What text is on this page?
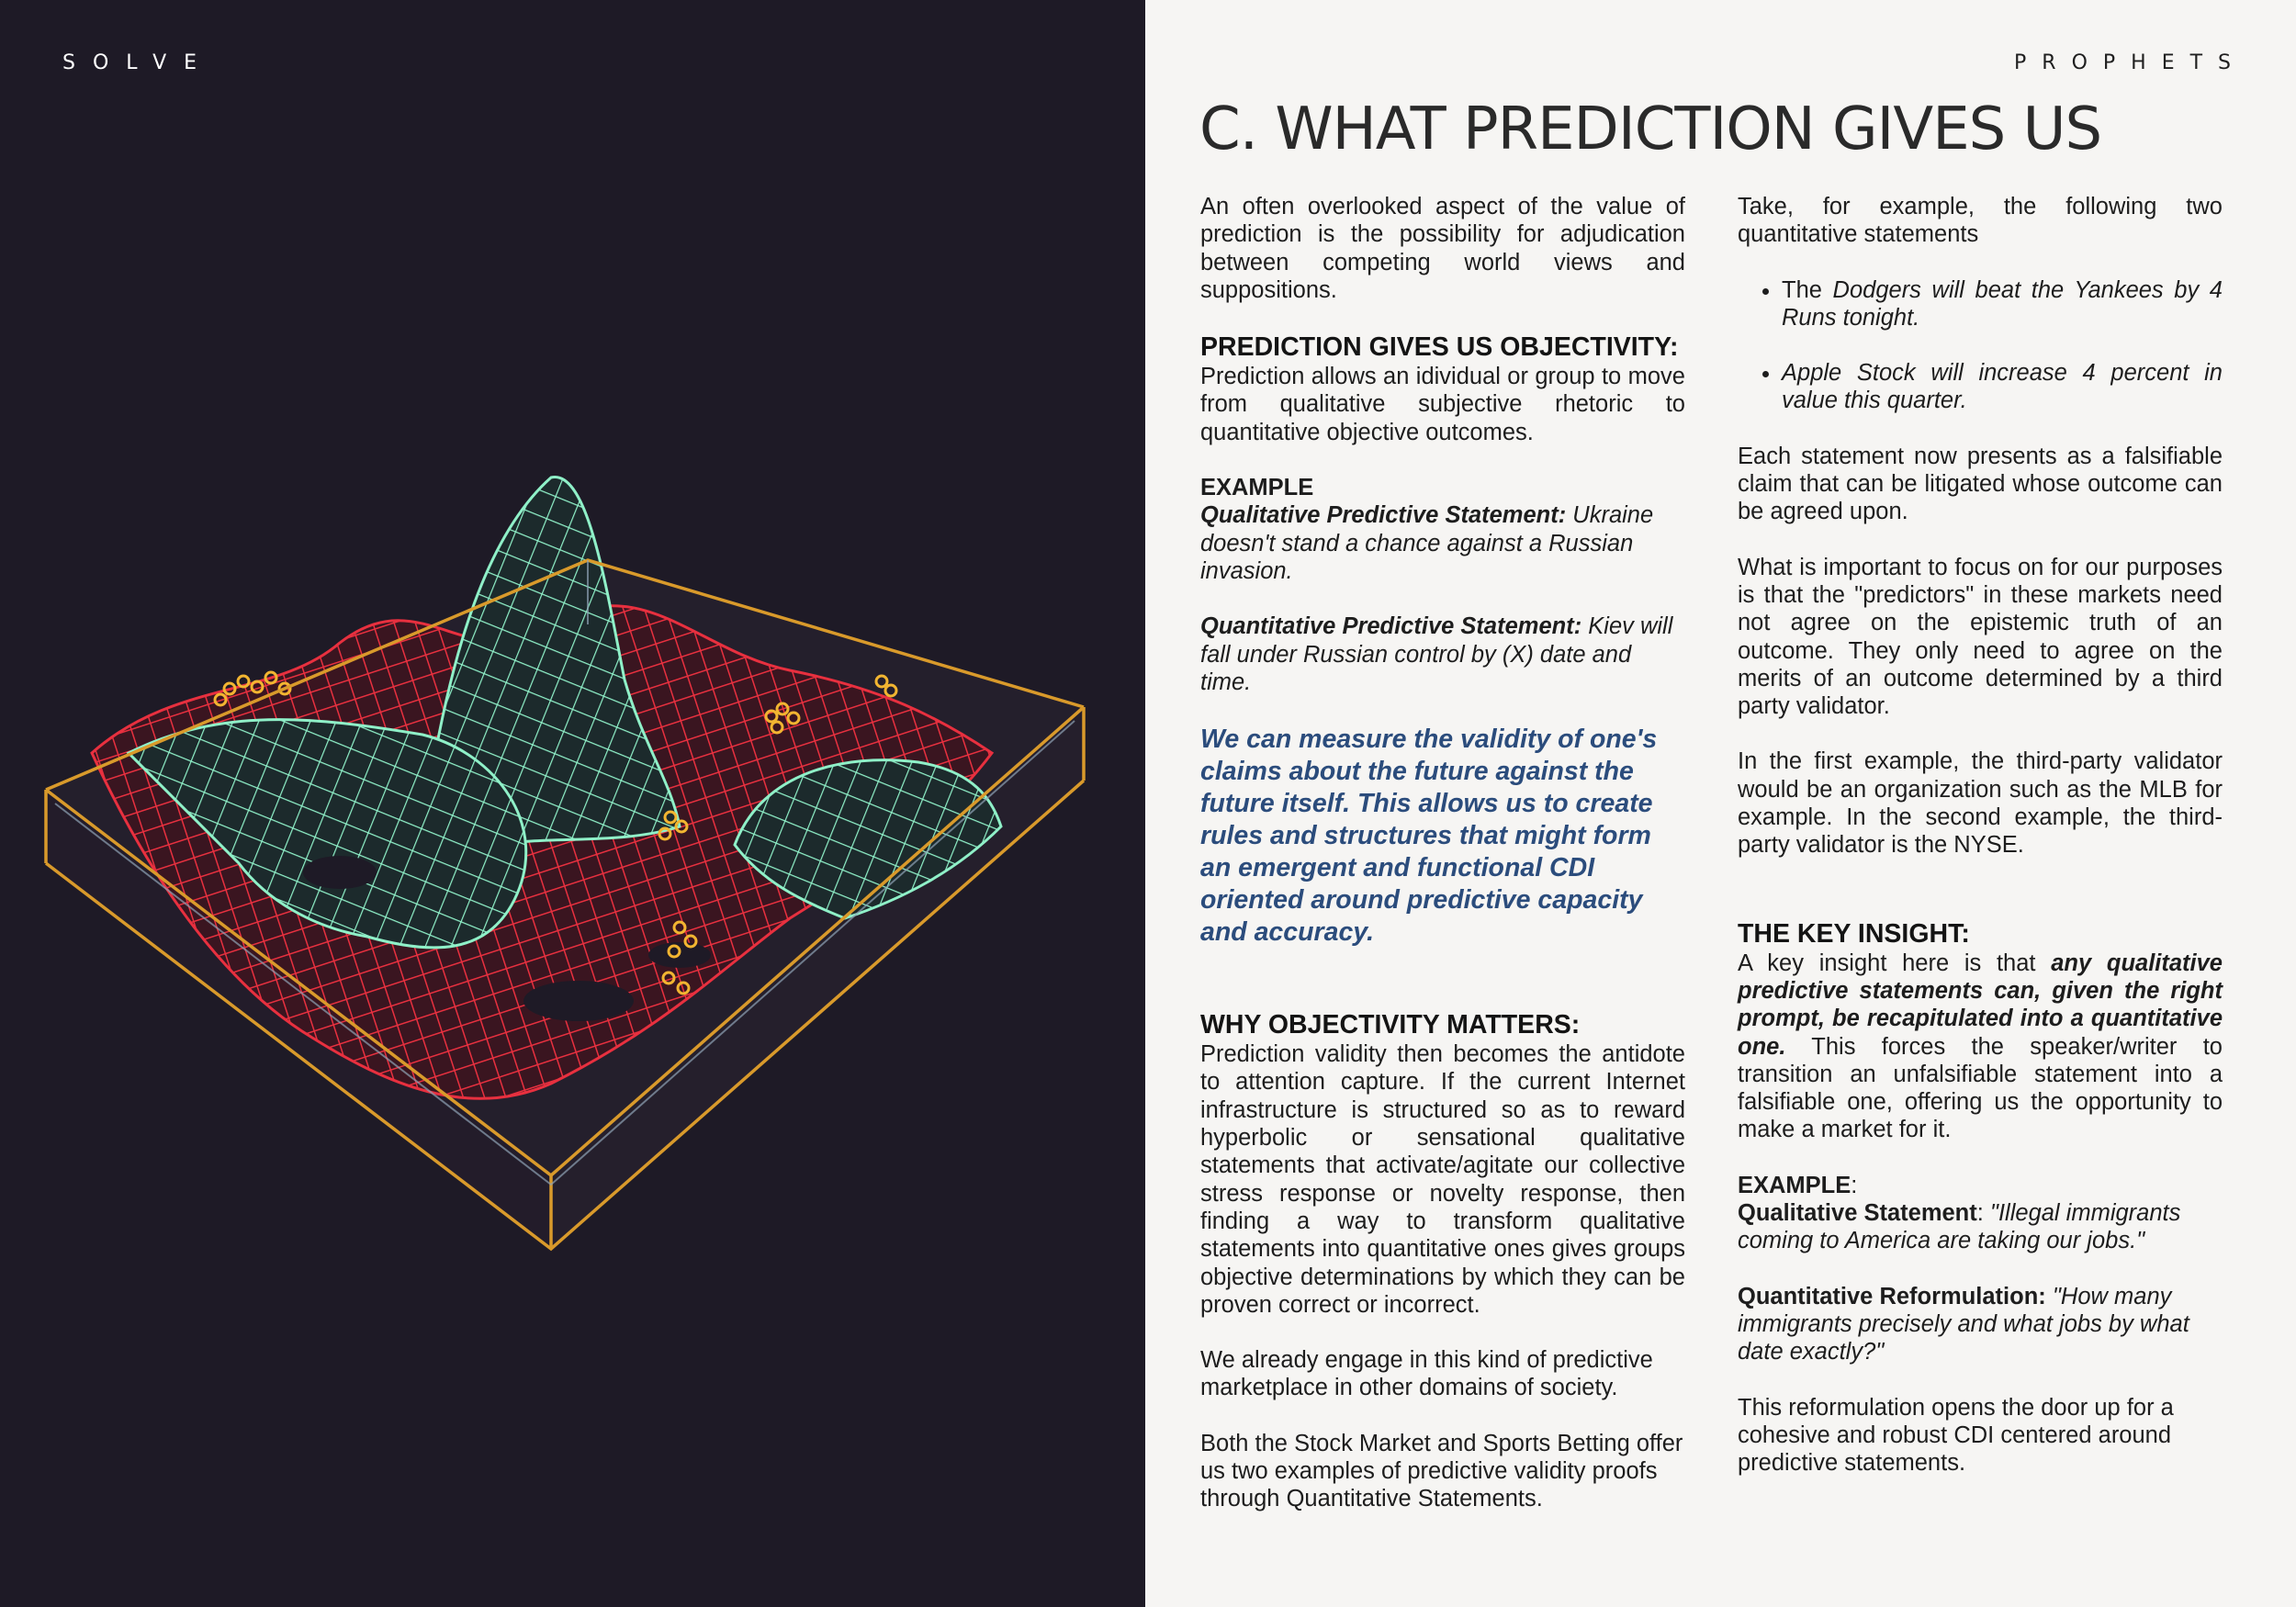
SOLVE	PROPHETS
C. WHAT PREDICTION GIVES US

An often overlooked aspect of the value of prediction is the possibility for adjudication between competing world views and suppositions.

PREDICTION GIVES US OBJECTIVITY:

Prediction allows an idividual or group to move from qualitative subjective rhetoric to quantitative objective outcomes.

EXAMPLE
Qualitative Predictive Statement: Ukraine doesn't stand a chance against a Russian invasion.

Quantitative Predictive Statement: Kiev will fall under Russian control by (X) date and time.

We can measure the validity of one's claims about the future against the future itself. This allows us to create rules and structures that might form an emergent and functional CDI oriented around predictive capacity and accuracy.

WHY OBJECTIVITY MATTERS:

Prediction validity then becomes the antidote to attention capture. If the current Internet infrastructure is structured so as to reward hyperbolic or sensational qualitative statements that activate/agitate our collective stress response or novelty response, then finding a way to transform qualitative statements into quantitative ones gives groups objective determinations by which they can be proven correct or incorrect.

We already engage in this kind of predictive marketplace in other domains of society.

Both the Stock Market and Sports Betting offer us two examples of predictive validity proofs through Quantitative Statements.

Take, for example, the following two quantitative statements

• The Dodgers will beat the Yankees by 4 Runs tonight.
• Apple Stock will increase 4 percent in value this quarter.

Each statement now presents as a falsifiable claim that can be litigated whose outcome can be agreed upon.

What is important to focus on for our purposes is that the "predictors" in these markets need not agree on the epistemic truth of an outcome. They only need to agree on the merits of an outcome determined by a third party validator.

In the first example, the third-party validator would be an organization such as the MLB for example. In the second example, the third-party validator is the NYSE.

THE KEY INSIGHT:

A key insight here is that any qualitative predictive statements can, given the right prompt, be recapitulated into a quantitative one. This forces the speaker/writer to transition an unfalsifiable statement into a falsifiable one, offering us the opportunity to make a market for it.

EXAMPLE:
Qualitative Statement: "Illegal immigrants coming to America are taking our jobs."

Quantitative Reformulation: "How many immigrants precisely and what jobs by what date exactly?"

This reformulation opens the door up for a cohesive and robust CDI centered around predictive statements.
